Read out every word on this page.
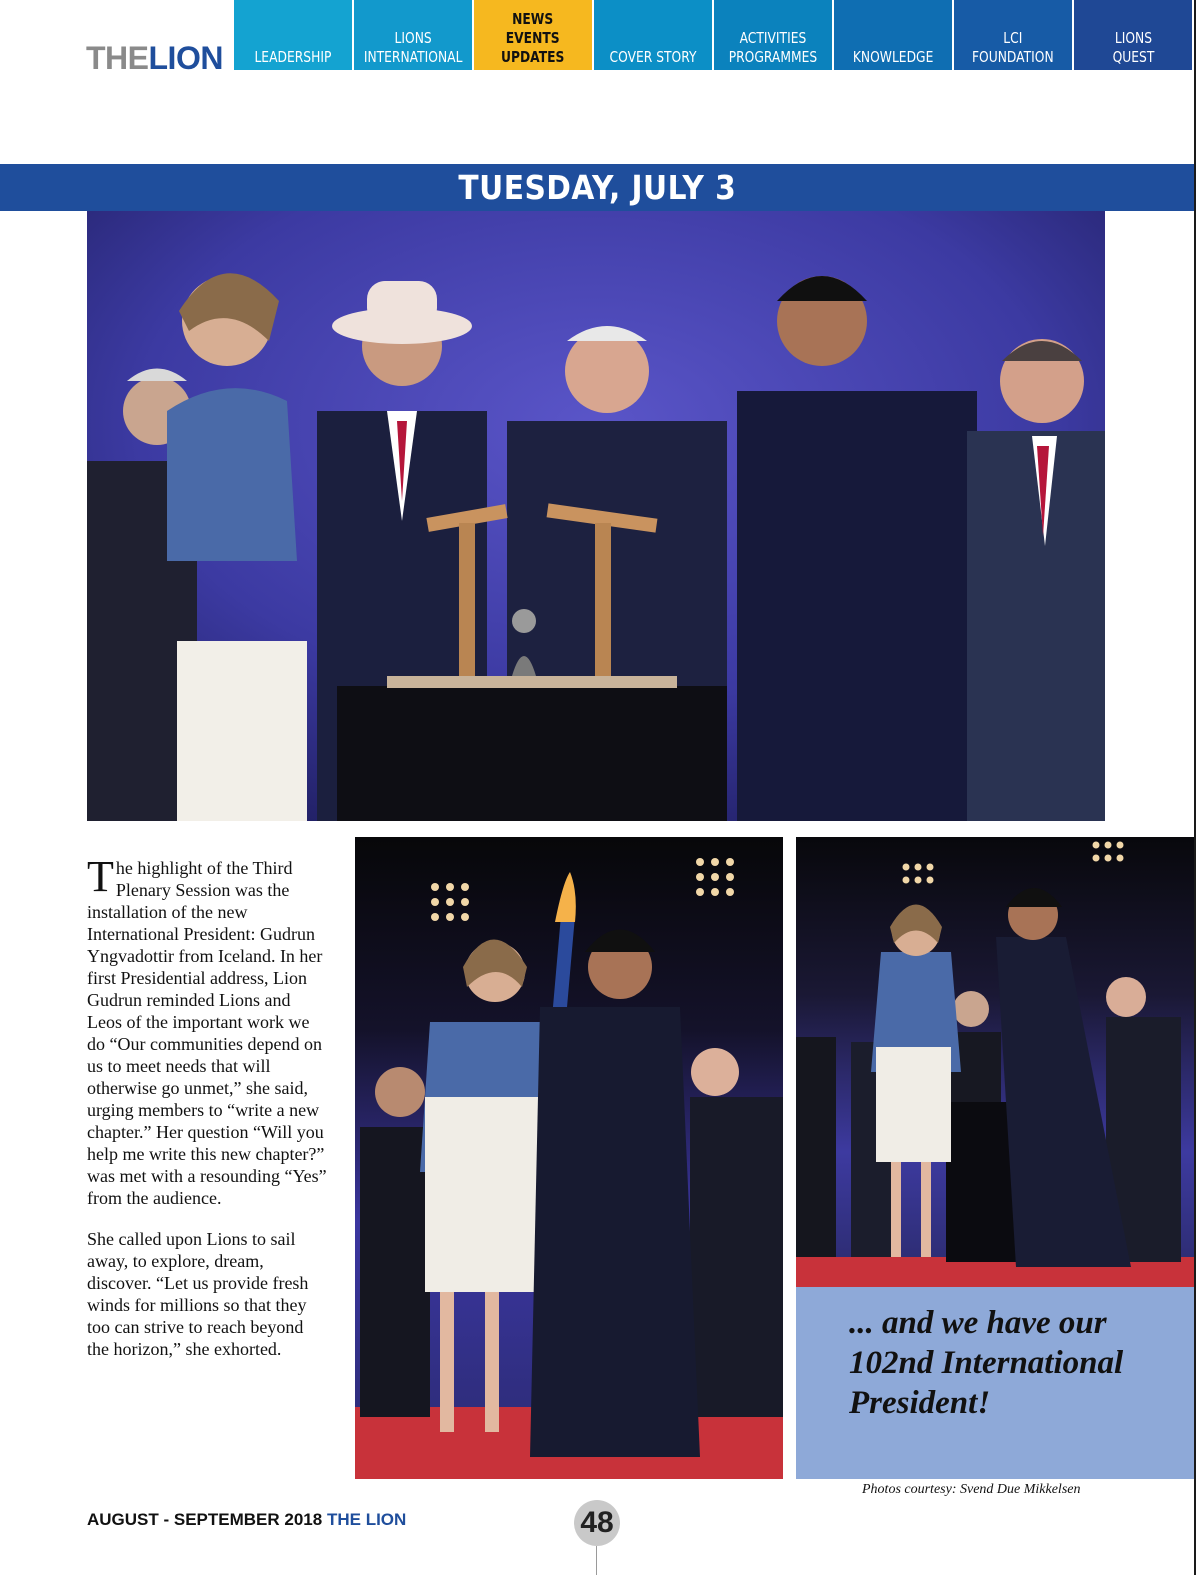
THELION LEADERSHIP
LIONS
INTERNATIONAL
NEWS
EVENTS
UPDATES	COVER STORY
ACTIVITIES
PROGRAMMES KNOWLEDGE
LCI
FOUNDATION
LIONS
QUEST
TUESDAY, JULY 3

The highlight of the Third Plenary Session was the installation of the new International President: Gudrun Yngvadottir from Iceland. In her first Presidential address, Lion Gudrun reminded Lions and Leos of the important work we do “Our communities depend on us to meet needs that will otherwise go unmet,” she said, urging members to “write a new chapter.” Her question “Will you help me write this new chapter?” was met with a resounding “Yes” from the audience.

She called upon Lions to sail away, to explore, dream, discover. “Let us provide fresh winds for millions so that they too can strive to reach beyond the horizon,” she exhorted.

... and we have our 102nd International President!
Photos courtesy: Svend Due Mikkelsen
AUGUST - SEPTEMBER 2018 THE LION	48
